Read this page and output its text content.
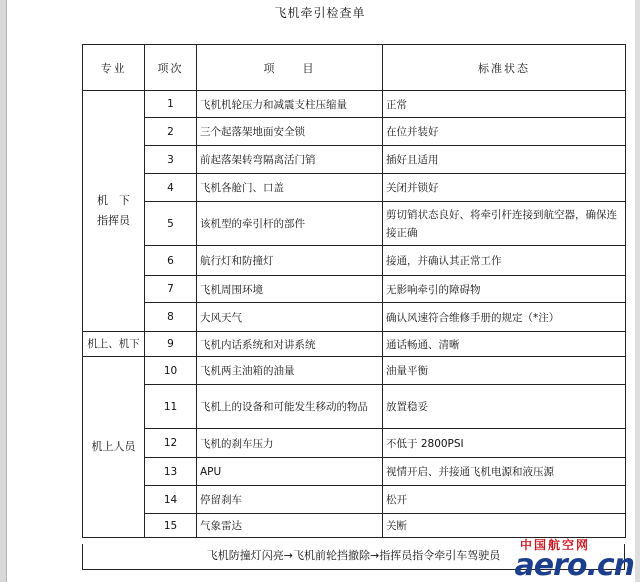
飞机牵引检查单
专业	项次	项　　目	标准状态
机　下
指挥员	1	飞机机轮压力和减震支柱压缩量	正常
	2	三个起落架地面安全锁	在位并装好
	3	前起落架转弯隔离活门销	插好且适用
	4	飞机各舱门、口盖	关闭并锁好
	5	该机型的牵引杆的部件	剪切销状态良好、将牵引杆连接到航空器，确保连接正确
	6	航行灯和防撞灯	接通，并确认其正常工作
	7	飞机周围环境	无影响牵引的障碍物
	8	大风天气	确认风速符合维修手册的规定（*注）
机上、机下	9	飞机内话系统和对讲系统	通话畅通、清晰
机上人员	10	飞机两主油箱的油量	油量平衡
	11	飞机上的设备和可能发生移动的物品	放置稳妥
	12	飞机的刹车压力	不低于 2800PSI
	13	APU	视情开启、并接通飞机电源和液压源
	14	停留刹车	松开
	15	气象雷达	关断
飞机防撞灯闪亮→飞机前轮挡撤除→指挥员指令牵引车驾驶员
中国航空网
aero.cn
